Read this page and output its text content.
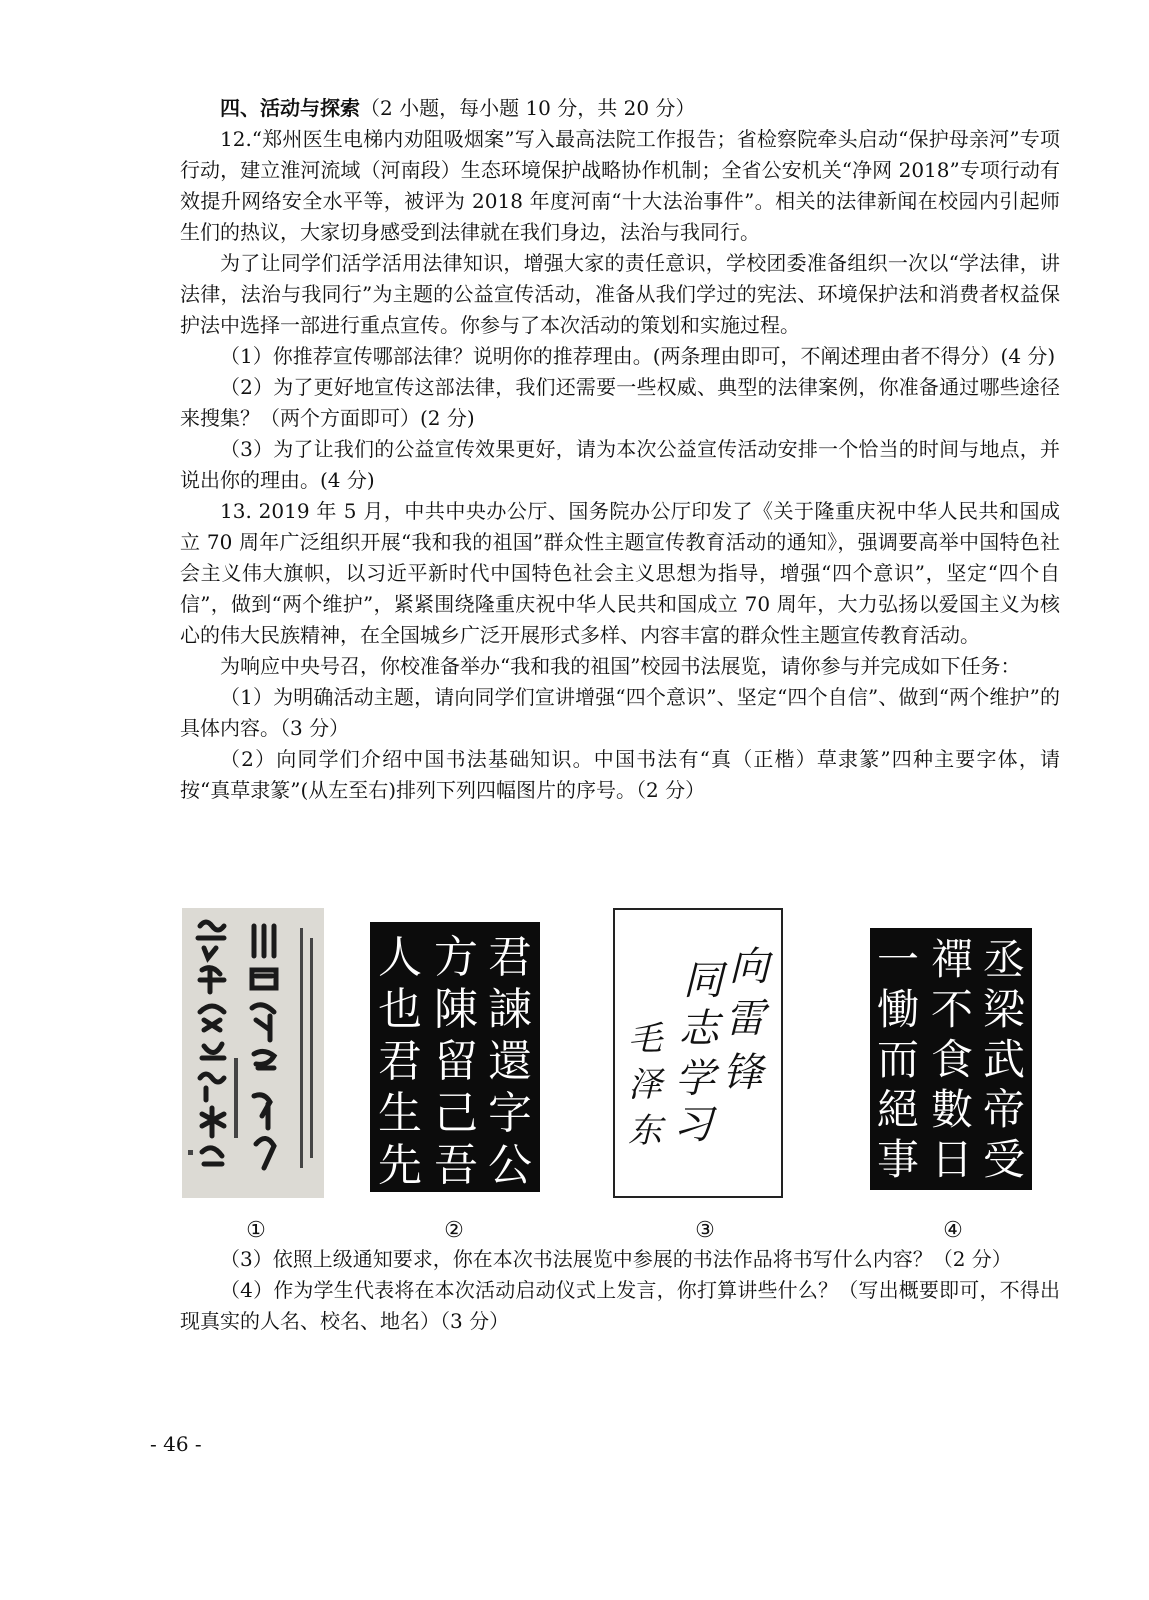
四、活动与探索（2 小题，每小题 10 分，共 20 分）

12.“郑州医生电梯内劝阻吸烟案”写入最高法院工作报告；省检察院牵头启动“保护母亲河”专项行动，建立淮河流域（河南段）生态环境保护战略协作机制；全省公安机关“净网 2018”专项行动有效提升网络安全水平等，被评为 2018 年度河南“十大法治事件”。相关的法律新闻在校园内引起师生们的热议，大家切身感受到法律就在我们身边，法治与我同行。

为了让同学们活学活用法律知识，增强大家的责任意识，学校团委准备组织一次以“学法律，讲法律，法治与我同行”为主题的公益宣传活动，准备从我们学过的宪法、环境保护法和消费者权益保护法中选择一部进行重点宣传。你参与了本次活动的策划和实施过程。

（1）你推荐宣传哪部法律？说明你的推荐理由。(两条理由即可，不阐述理由者不得分）(4 分)

（2）为了更好地宣传这部法律，我们还需要一些权威、典型的法律案例，你准备通过哪些途径来搜集？（两个方面即可）(2 分)

（3）为了让我们的公益宣传效果更好，请为本次公益宣传活动安排一个恰当的时间与地点，并说出你的理由。(4 分)

13. 2019 年 5 月，中共中央办公厅、国务院办公厅印发了《关于隆重庆祝中华人民共和国成立 70 周年广泛组织开展“我和我的祖国”群众性主题宣传教育活动的通知》，强调要高举中国特色社会主义伟大旗帜，以习近平新时代中国特色社会主义思想为指导，增强“四个意识”，坚定“四个自信”，做到“两个维护”，紧紧围绕隆重庆祝中华人民共和国成立 70 周年，大力弘扬以爱国主义为核心的伟大民族精神，在全国城乡广泛开展形式多样、内容丰富的群众性主题宣传教育活动。

为响应中央号召，你校准备举办“我和我的祖国”校园书法展览，请你参与并完成如下任务：

（1）为明确活动主题，请向同学们宣讲增强“四个意识”、坚定“四个自信”、做到“两个维护”的具体内容。（3 分）

（2）向同学们介绍中国书法基础知识。中国书法有“真（正楷）草隶篆”四种主要字体，请按“真草隶篆”(从左至右)排列下列四幅图片的序号。（2 分）

君
諫
還
字
公
方
陳
留
己
吾
人
也
君
生
先
向
雷
锋
同
志
学
习
毛
泽
东
丞
梁
武
帝
受
禪
不
食
數
日
一
慟
而
絕
事
①	②	③	④

（3）依照上级通知要求，你在本次书法展览中参展的书法作品将书写什么内容？（2 分）

（4）作为学生代表将在本次活动启动仪式上发言，你打算讲些什么？（写出概要即可，不得出现真实的人名、校名、地名）（3 分）

- 46 -
